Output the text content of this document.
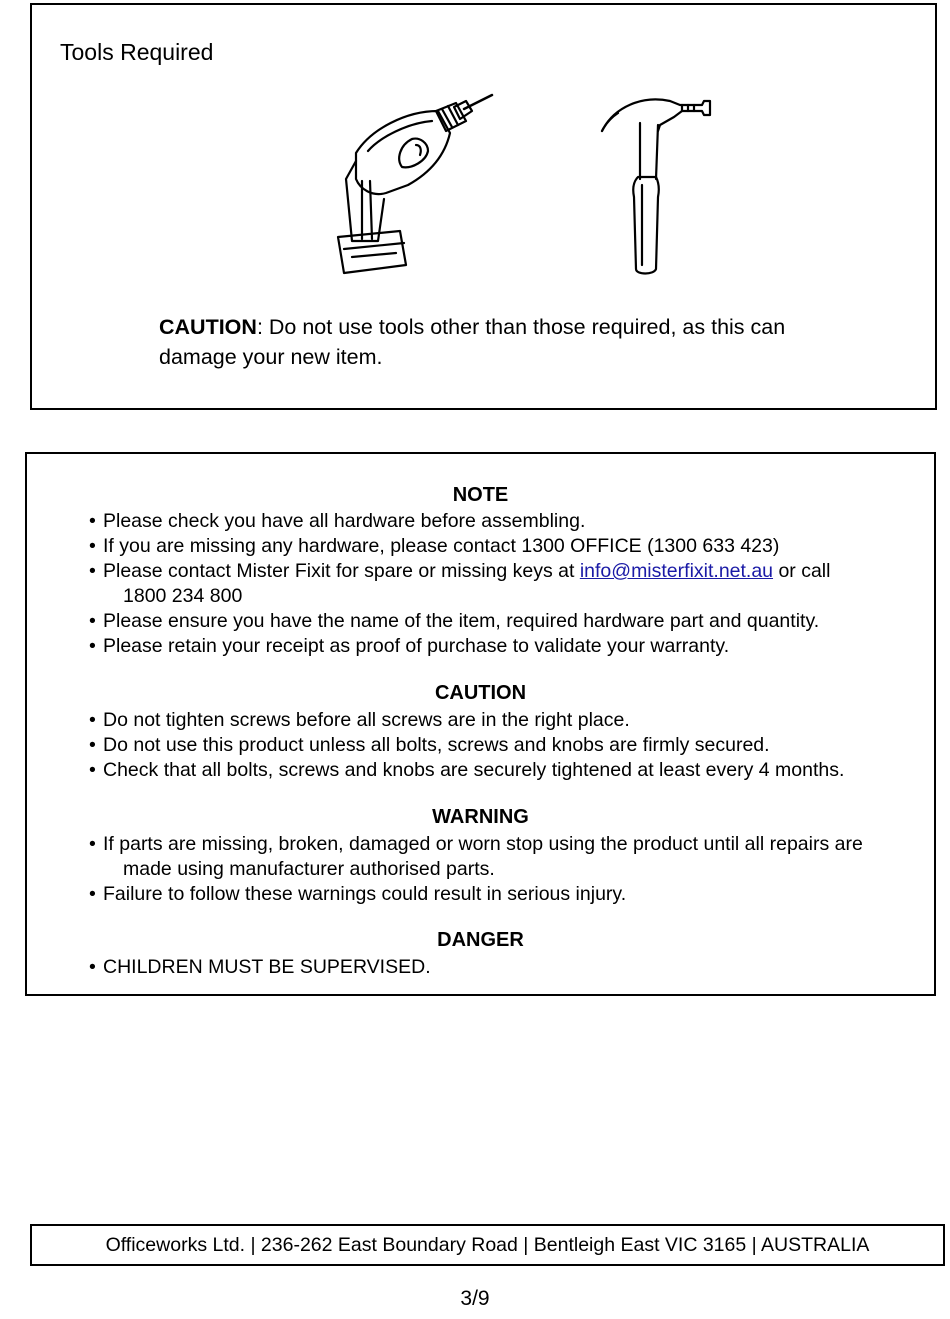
Tools Required
CAUTION: Do not use tools other than those required, as this can damage your new item.
NOTE
• Please check you have all hardware before assembling.
• If you are missing any hardware, please contact 1300 OFFICE (1300 633 423)
• Please contact Mister Fixit for spare or missing keys at info@misterfixit.net.au or call
1800 234 800
• Please ensure you have the name of the item, required hardware part and quantity.
• Please retain your receipt as proof of purchase to validate your warranty.
CAUTION
• Do not tighten screws before all screws are in the right place.
• Do not use this product unless all bolts, screws and knobs are firmly secured.
• Check that all bolts, screws and knobs are securely tightened at least every 4 months.
WARNING
• If parts are missing, broken, damaged or worn stop using the product until all repairs are
made using manufacturer authorised parts.
• Failure to follow these warnings could result in serious injury.
DANGER
• CHILDREN MUST BE SUPERVISED.
Officeworks Ltd. | 236-262 East Boundary Road | Bentleigh East VIC 3165 | AUSTRALIA
3/9
